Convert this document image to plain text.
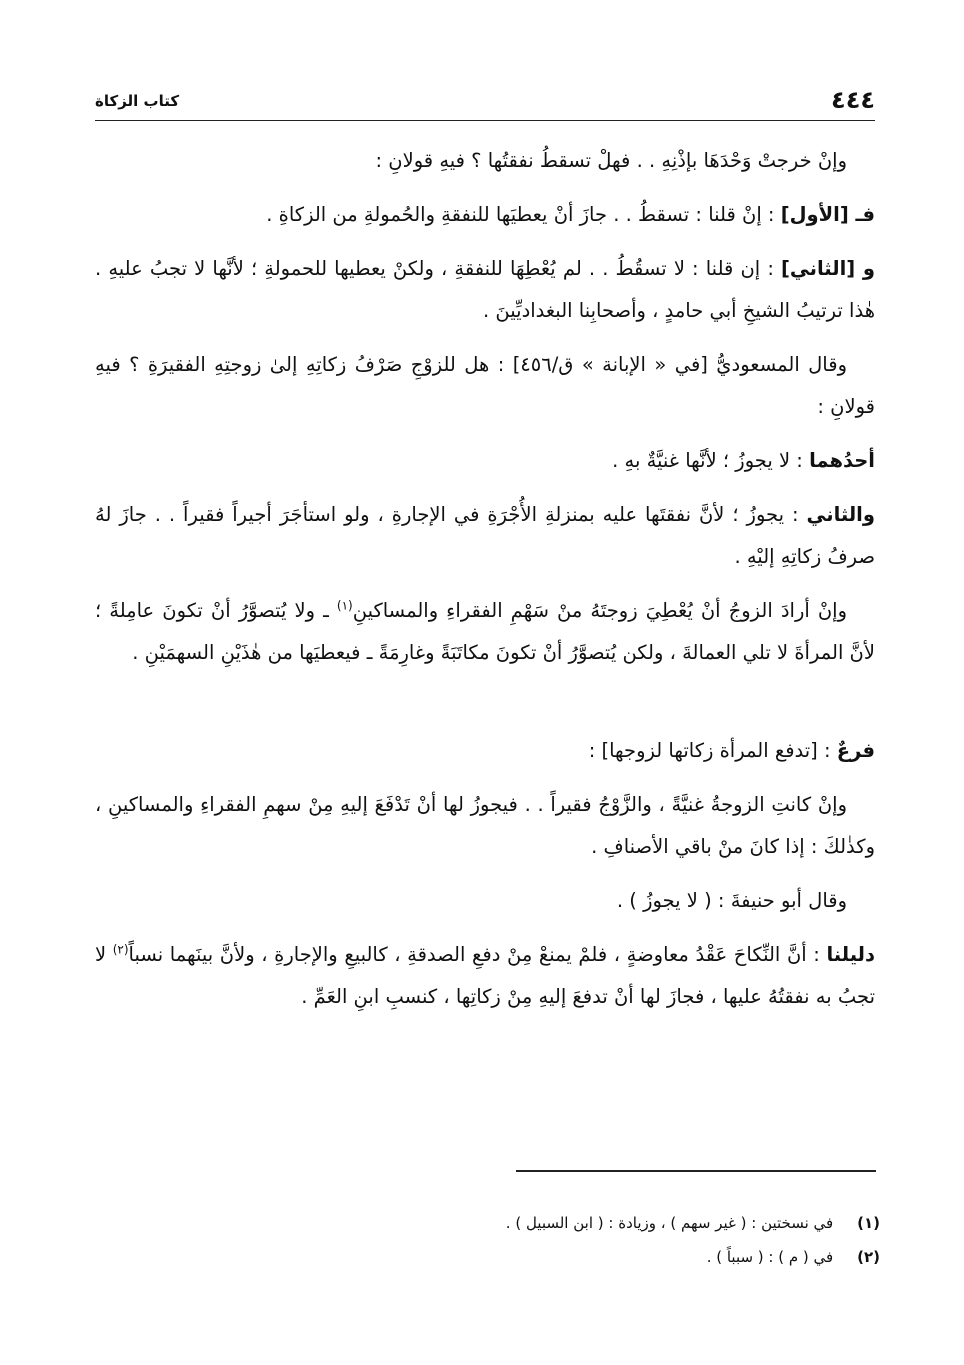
٤٤٤
كتاب الزكاة

وإنْ خرجتْ وَحْدَهَا بإذْنِهِ . . فهلْ تسقطُ نفقتُها ؟ فيهِ قولانِ :

فـ [الأول] : إنْ قلنا : تسقطُ . . جازَ أنْ يعطيَها للنفقةِ والحُمولةِ من الزكاةِ .

و [الثاني] : إن قلنا : لا تسقُطُ . . لم يُعْطِهَا للنفقةِ ، ولكنْ يعطيها للحمولةِ ؛ لأنَّها لا تجبُ عليهِ . هٰذا ترتيبُ الشيخِ أبي حامدٍ ، وأصحابِنا البغداديِّينَ .

وقال المسعوديُّ [في « الإبانة » ق/٤٥٦] : هل للزوْجِ صَرْفُ زكاتِهِ إلىٰ زوجتِهِ الفقيرَةِ ؟ فيهِ قولانِ :

أحدُهما : لا يجوزُ ؛ لأنَّها غنيَّةٌ بهِ .

والثاني : يجوزُ ؛ لأنَّ نفقتَها عليه بمنزلةِ الأُجْرَةِ في الإجارةِ ، ولو استأجَرَ أجيراً فقيراً . . جازَ لهُ صرفُ زكاتِهِ إليْهِ .

وإنْ أرادَ الزوجُ أنْ يُعْطِيَ زوجتَهُ منْ سَهْمِ الفقراءِ والمساكينِ$^{(١)}$ ـ ولا يُتصوَّرُ أنْ تكونَ عامِلةً ؛ لأنَّ المرأةَ لا تلي العمالةَ ، ولكن يُتصوَّرُ أنْ تكونَ مكاتَبَةً وغارِمَةً ـ فيعطيَها من هٰذَيْنِ السهمَيْنِ .

فرعٌ : [تدفع المرأة زكاتها لزوجها] :

وإنْ كانتِ الزوجةُ غنيَّةً ، والزَّوْجُ فقيراً . . فيجوزُ لها أنْ تَدْفَعَ إليهِ مِنْ سهمِ الفقراءِ والمساكينِ ، وكذٰلكَ : إذا كانَ منْ باقي الأصنافِ .

وقال أبو حنيفةَ : ( لا يجوزُ ) .

دليلنا : أنَّ النِّكاحَ عَقْدُ معاوضةٍ ، فلمْ يمنعْ مِنْ دفعِ الصدقةِ ، كالبيعِ والإجارةِ ، ولأنَّ بينَهما نسباً$^{(٢)}$ لا تجبُ به نفقتُهُ عليها ، فجازَ لها أنْ تدفعَ إليهِ مِنْ زكاتِها ، كنسبِ ابنِ العَمِّ .

(١) في نسختين : ( غير سهم ) ، وزيادة : ( ابن السبيل ) .
(٢) في ( م ) : ( سبباً ) .
